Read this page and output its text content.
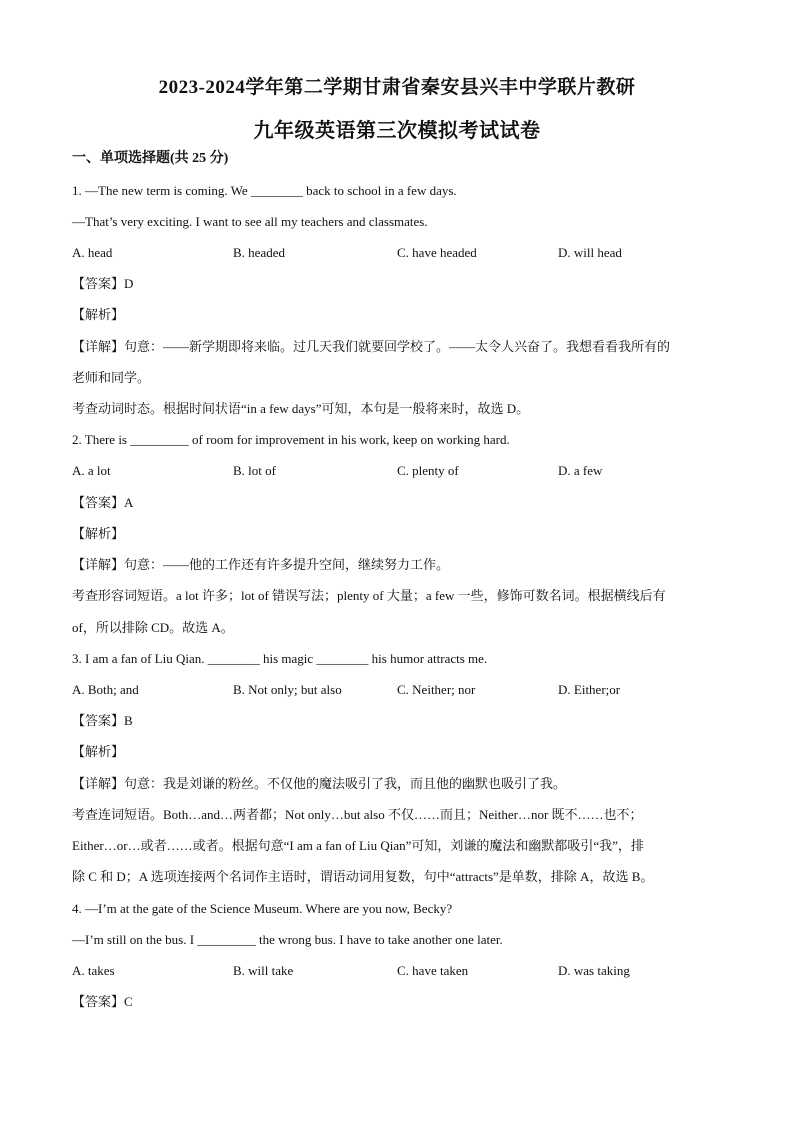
2023-2024学年第二学期甘肃省秦安县兴丰中学联片教研
九年级英语第三次模拟考试试卷
一、单项选择题(共 25 分)
1. —The new term is coming. We ________ back to school in a few days.
—That’s very exciting. I want to see all my teachers and classmates.
A. head	B. headed	C. have headed	D. will head
【答案】D
【解析】
【详解】句意：——新学期即将来临。过几天我们就要回学校了。——太令人兴奋了。我想看看我所有的
老师和同学。
考查动词时态。根据时间状语“in a few days”可知，本句是一般将来时，故选 D。
2. There is _________ of room for improvement in his work, keep on working hard.
A. a lot	B. lot of	C. plenty of	D. a few
【答案】A
【解析】
【详解】句意：——他的工作还有许多提升空间，继续努力工作。
考查形容词短语。a lot 许多；lot of 错误写法；plenty of 大量；a few 一些，修饰可数名词。根据横线后有
of，所以排除 CD。故选 A。
3. I am a fan of Liu Qian. ________ his magic ________ his humor attracts me.
A. Both; and	B. Not only; but also	C. Neither; nor	D. Either;or
【答案】B
【解析】
【详解】句意：我是刘谦的粉丝。不仅他的魔法吸引了我，而且他的幽默也吸引了我。
考查连词短语。Both…and…两者都；Not only…but also 不仅……而且；Neither…nor 既不……也不；
Either…or…或者……或者。根据句意“I am a fan of Liu Qian”可知，刘谦的魔法和幽默都吸引“我”，排
除 C 和 D；A 选项连接两个名词作主语时，谓语动词用复数，句中“attracts”是单数，排除 A，故选 B。
4. —I’m at the gate of the Science Museum. Where are you now, Becky?
—I’m still on the bus. I _________ the wrong bus. I have to take another one later.
A. takes	B. will take	C. have taken	D. was taking
【答案】C
